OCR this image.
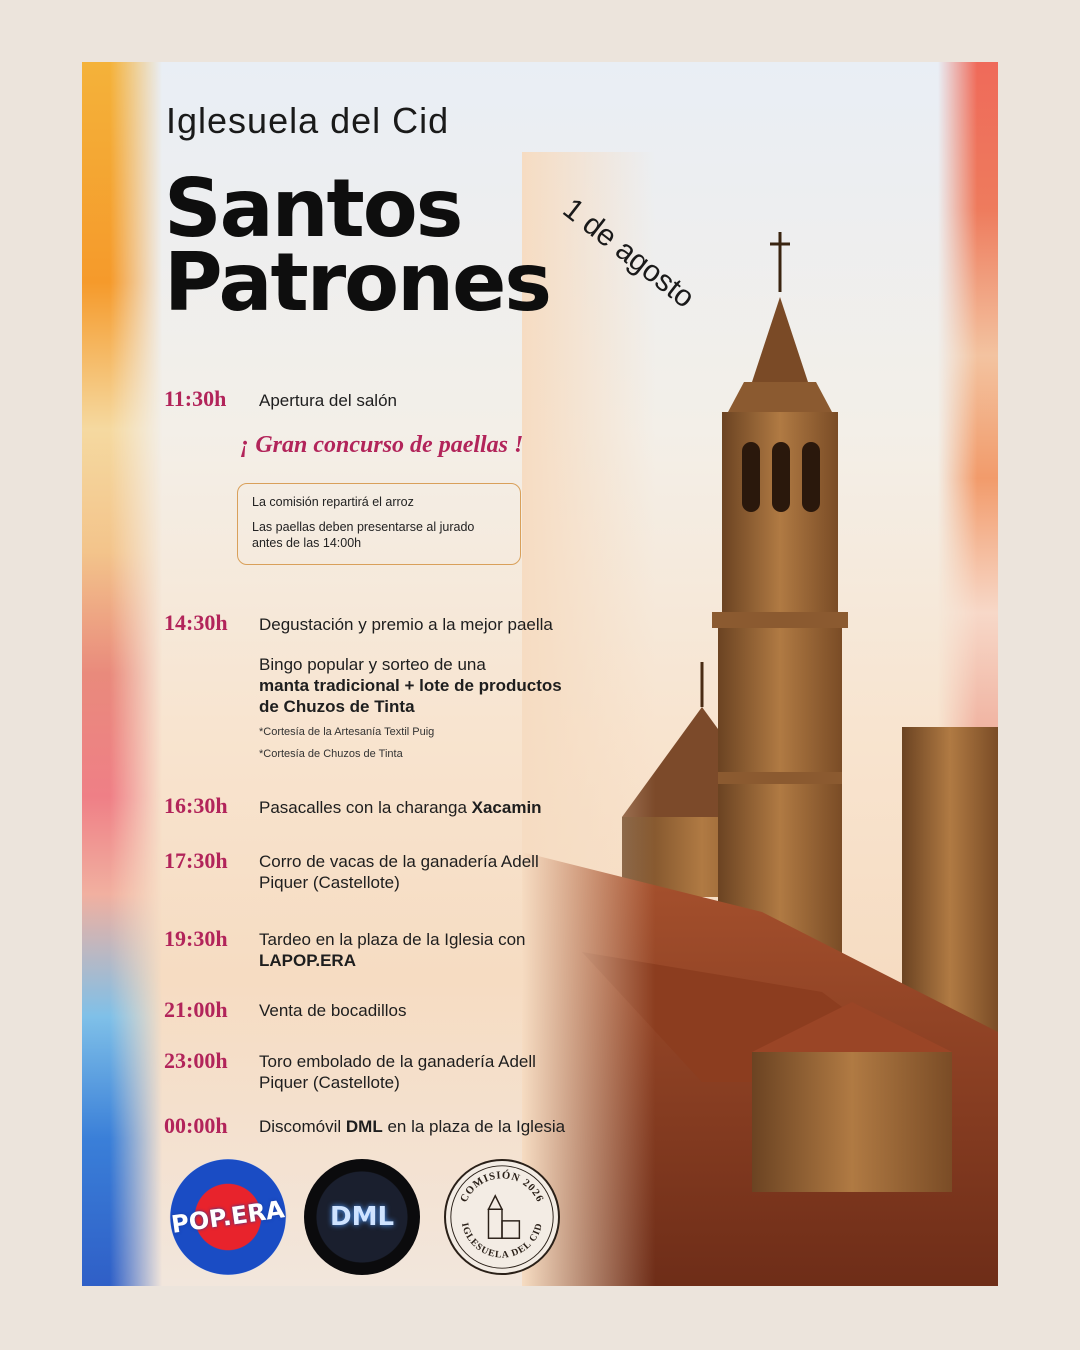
Iglesuela del Cid
Santos
Patrones 1 de agosto
11:30h Apertura del salón
¡ Gran concurso de paellas !
La comisión repartirá el arroz
Las paellas deben presentarse al jurado antes de las 14:00h
14:30h Degustación y premio a la mejor paella
Bingo popular y sorteo de una
manta tradicional + lote de productos de Chuzos de Tinta
*Cortesía de la Artesanía Textil Puig
*Cortesía de Chuzos de Tinta
16:30h Pasacalles con la charanga Xacamin
17:30h Corro de vacas de la ganadería Adell Piquer (Castellote)
19:30h Tardeo en la plaza de la Iglesia con LAPOP.ERA
21:00h Venta de bocadillos
23:00h Toro embolado de la ganadería Adell Piquer (Castellote)
00:00h Discomóvil DML en la plaza de la Iglesia
POP.ERA DML
COMISIÓN 2026
IGLESUELA DEL CID
